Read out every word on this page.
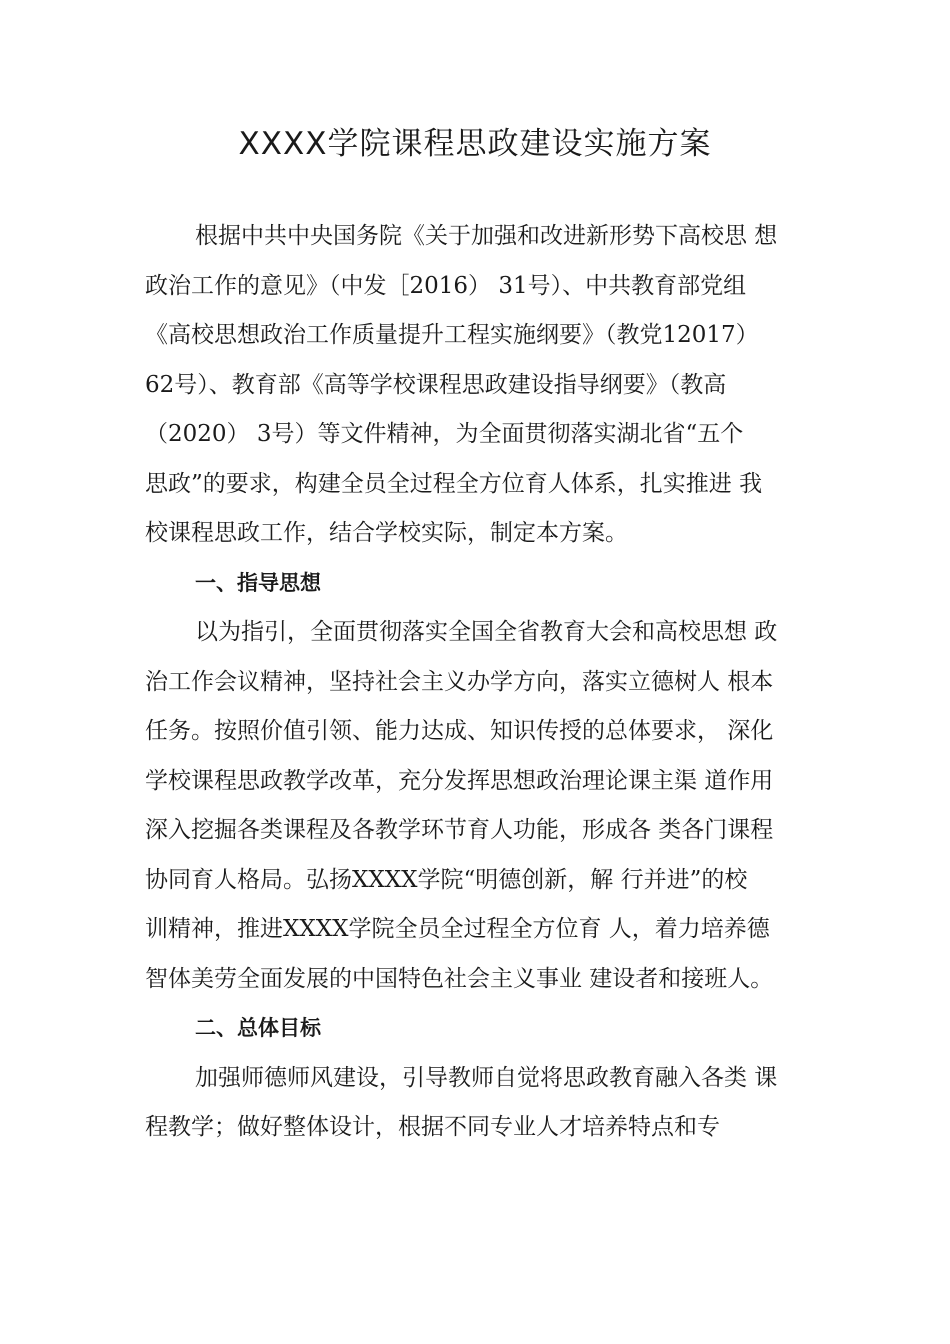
XXXX学院课程思政建设实施方案
根据中共中央国务院《关于加强和改进新形势下高校思 想
政治工作的意见》（中发［2016） 31号）、中共教育部党组
《高校思想政治工作质量提升工程实施纲要》（教党12017）
62号）、教育部《高等学校课程思政建设指导纲要》（教高
（2020） 3号）等文件精神，为全面贯彻落实湖北省“五个
思政”的要求，构建全员全过程全方位育人体系，扎实推进 我
校课程思政工作，结合学校实际，制定本方案。
一、指导思想
以为指引，全面贯彻落实全国全省教育大会和高校思想 政
治工作会议精神，坚持社会主义办学方向，落实立德树人 根本
任务。按照价值引领、能力达成、知识传授的总体要求， 深化
学校课程思政教学改革，充分发挥思想政治理论课主渠 道作用
深入挖掘各类课程及各教学环节育人功能，形成各 类各门课程
协同育人格局。弘扬XXXX学院“明德创新，解 行并进”的校
训精神，推进XXXX学院全员全过程全方位育 人，着力培养德
智体美劳全面发展的中国特色社会主义事业 建设者和接班人。
二、总体目标
加强师德师风建设，引导教师自觉将思政教育融入各类 课
程教学；做好整体设计，根据不同专业人才培养特点和专
